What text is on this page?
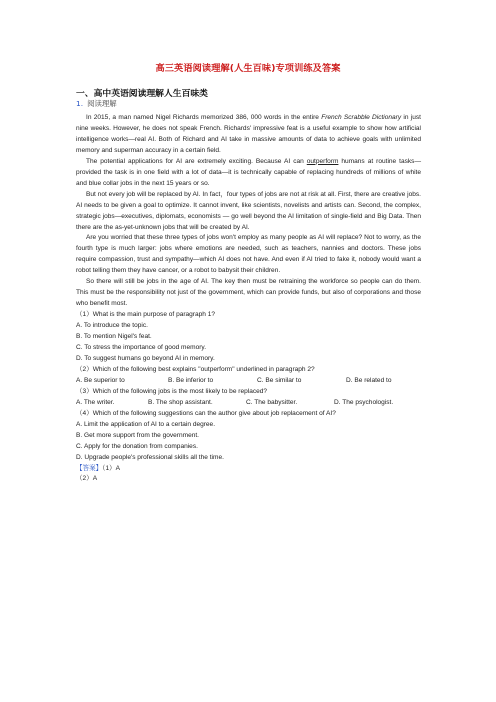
高三英语阅读理解(人生百味)专项训练及答案
一、高中英语阅读理解人生百味类
1. 阅读理解

In 2015, a man named Nigel Richards memorized 386, 000 words in the entire French Scrabble Dictionary in just nine weeks. However, he does not speak French. Richards' impressive feat is a useful example to show how artificial intelligence works—real AI. Both of Richard and AI take in massive amounts of data to achieve goals with unlimited memory and superman accuracy in a certain field.

The potential applications for AI are extremely exciting. Because AI can outperform humans at routine tasks—provided the task is in one field with a lot of data—it is technically capable of replacing hundreds of millions of white and blue collar jobs in the next 15 years or so.

But not every job will be replaced by AI. In fact，four types of jobs are not at risk at all. First, there are creative jobs. AI needs to be given a goal to optimize. It cannot invent, like scientists, novelists and artists can. Second, the complex, strategic jobs—executives, diplomats, economists — go well beyond the AI limitation of single-field and Big Data. Then there are the as-yet-unknown jobs that will be created by AI.

Are you worried that these three types of jobs won't employ as many people as AI will replace? Not to worry, as the fourth type is much larger: jobs where emotions are needed, such as teachers, nannies and doctors. These jobs require compassion, trust and sympathy—which AI does not have. And even if AI tried to fake it, nobody would want a robot telling them they have cancer, or a robot to babysit their children.

So there will still be jobs in the age of AI. The key then must be retraining the workforce so people can do them. This must be the responsibility not just of the government, which can provide funds, but also of corporations and those who benefit most.

（1）What is the main purpose of paragraph 1?

A. To introduce the topic.

B. To mention Nigel's feat.

C. To stress the importance of good memory.

D. To suggest humans go beyond AI in memory.

（2）Which of the following best explains "outperform" underlined in paragraph 2?

A. Be superior to	B. Be inferior to	C. Be similar to	D. Be related to

（3）Which of the following jobs is the most likely to be replaced?

A. The writer.	B. The shop assistant.	C. The babysitter.	D. The psychologist.

（4）Which of the following suggestions can the author give about job replacement of AI?

A. Limit the application of AI to a certain degree.

B. Get more support from the government.

C. Apply for the donation from companies.

D. Upgrade people's professional skills all the time.

【答案】（1）A

（2）A
